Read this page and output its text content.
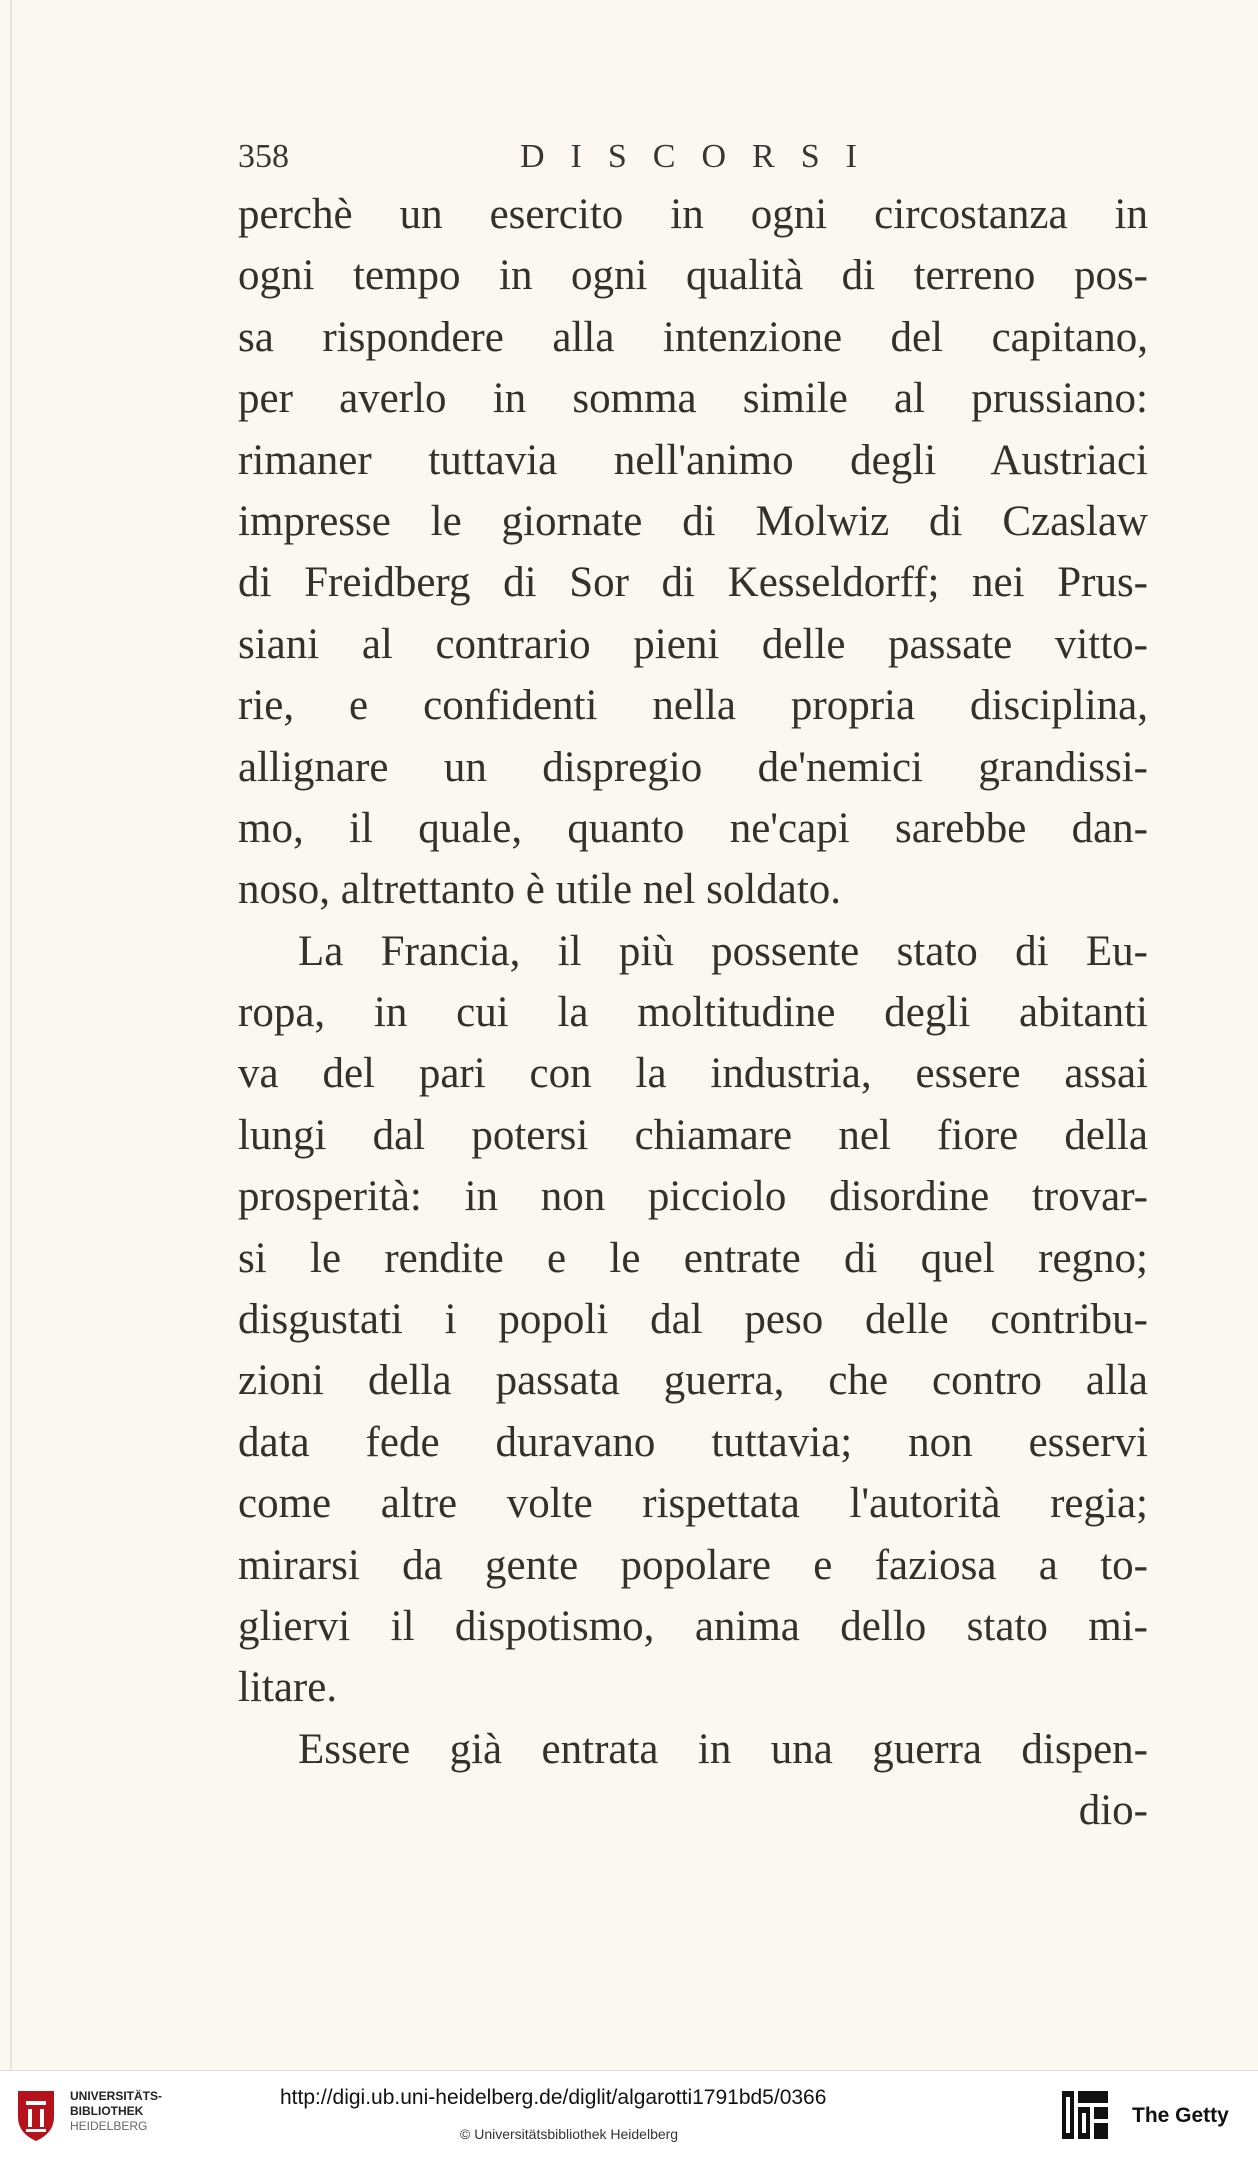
358	DISCORSI
perchè un esercito in ogni circostanza in
ogni tempo in ogni qualità di terreno pos-
sa rispondere alla intenzione del capitano,
per averlo in somma simile al prussiano:
rimaner tuttavia nell'animo degli Austriaci
impresse le giornate di Molwiz di Czaslaw
di Freidberg di Sor di Kesseldorff; nei Prus-
siani al contrario pieni delle passate vitto-
rie, e confidenti nella propria disciplina,
allignare un dispregio de'nemici grandissi-
mo, il quale, quanto ne'capi sarebbe dan-
noso, altrettanto è utile nel soldato.
La Francia, il più possente stato di Eu-
ropa, in cui la moltitudine degli abitanti
va del pari con la industria, essere assai
lungi dal potersi chiamare nel fiore della
prosperità: in non picciolo disordine trovar-
si le rendite e le entrate di quel regno;
disgustati i popoli dal peso delle contribu-
zioni della passata guerra, che contro alla
data fede duravano tuttavia; non esservi
come altre volte rispettata l'autorità regia;
mirarsi da gente popolare e faziosa a to-
gliervi il dispotismo, anima dello stato mi-
litare.
Essere già entrata in una guerra dispen-
dio-
UNIVERSITÄTS-
BIBLIOTHEK
HEIDELBERG
http://digi.ub.uni-heidelberg.de/diglit/algarotti1791bd5/0366
© Universitätsbibliothek Heidelberg
The Getty
